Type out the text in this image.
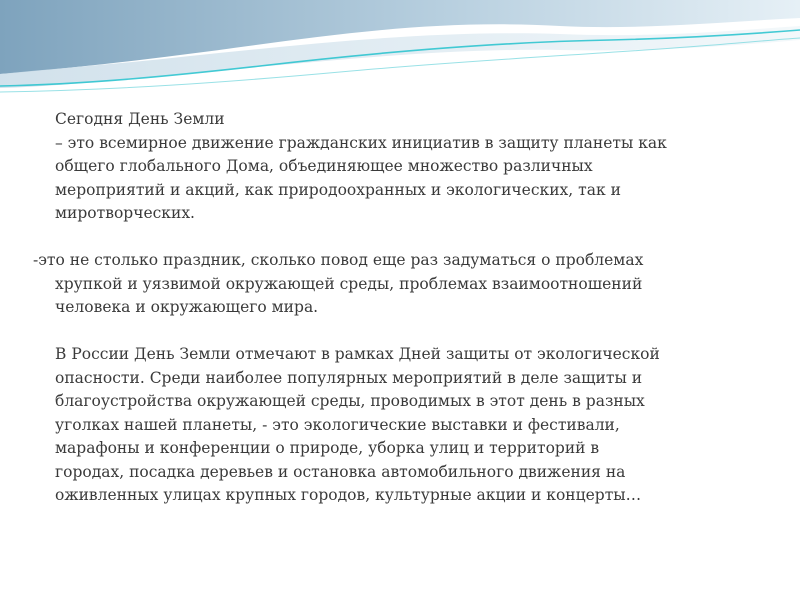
Сегодня День Земли
– это всемирное движение гражданских инициатив в защиту планеты как
общего глобального Дома, объединяющее множество различных
мероприятий и акций, как природоохранных и экологических, так и
миротворческих.
-это не столько праздник, сколько повод еще раз задуматься о проблемах
хрупкой и уязвимой окружающей среды, проблемах взаимоотношений
человека и окружающего мира.
В России День Земли отмечают в рамках Дней защиты от экологической
опасности. Среди наиболее популярных мероприятий в деле защиты и
благоустройства окружающей среды, проводимых в этот день в разных
уголках нашей планеты, - это экологические выставки и фестивали,
марафоны и конференции о природе, уборка улиц и территорий в
городах, посадка деревьев и остановка автомобильного движения на
оживленных улицах крупных городов, культурные акции и концерты…
